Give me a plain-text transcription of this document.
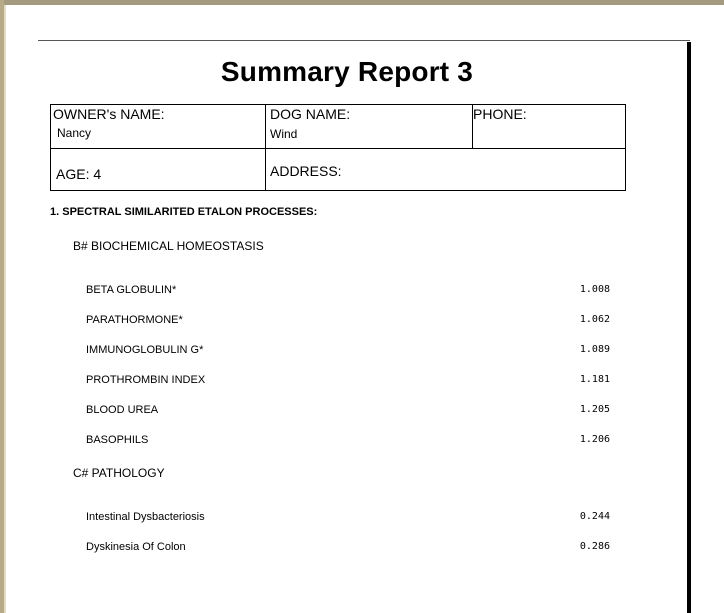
Summary Report 3
OWNER's NAME:
Nancy
DOG NAME:
Wind
PHONE:
AGE: 4	ADDRESS:
1. SPECTRAL SIMILARITED ETALON PROCESSES:
B# BIOCHEMICAL HOMEOSTASIS
BETA GLOBULIN*	1.008
PARATHORMONE*	1.062
IMMUNOGLOBULIN G*	1.089
PROTHROMBIN INDEX	1.181
BLOOD UREA	1.205
BASOPHILS	1.206
C# PATHOLOGY
Intestinal Dysbacteriosis	0.244
Dyskinesia Of Colon	0.286
